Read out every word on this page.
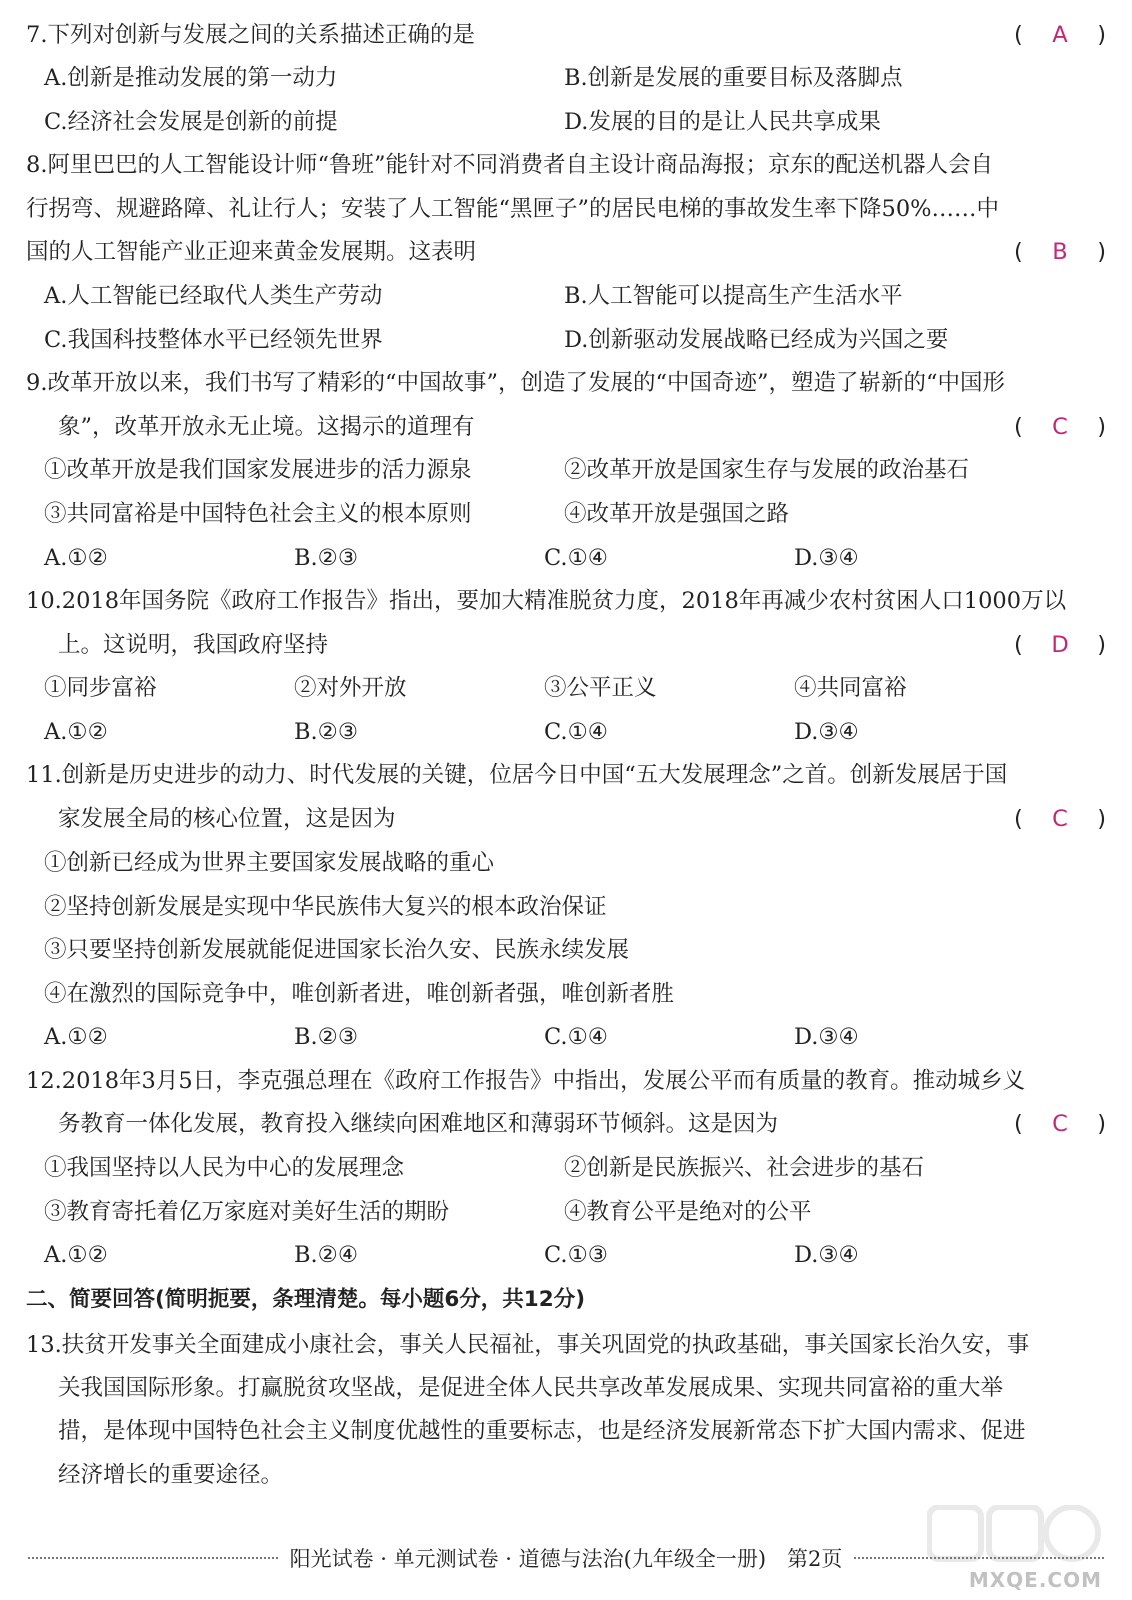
7.下列对创新与发展之间的关系描述正确的是	( A )
A.创新是推动发展的第一动力	B.创新是发展的重要目标及落脚点
C.经济社会发展是创新的前提	D.发展的目的是让人民共享成果
8.阿里巴巴的人工智能设计师“鲁班”能针对不同消费者自主设计商品海报；京东的配送机器人会自
行拐弯、规避路障、礼让行人；安装了人工智能“黑匣子”的居民电梯的事故发生率下降50%……中
国的人工智能产业正迎来黄金发展期。这表明	( B )
A.人工智能已经取代人类生产劳动	B.人工智能可以提高生产生活水平
C.我国科技整体水平已经领先世界	D.创新驱动发展战略已经成为兴国之要
9.改革开放以来，我们书写了精彩的“中国故事”，创造了发展的“中国奇迹”，塑造了崭新的“中国形
象”，改革开放永无止境。这揭示的道理有	( C )
①改革开放是我们国家发展进步的活力源泉	②改革开放是国家生存与发展的政治基石
③共同富裕是中国特色社会主义的根本原则	④改革开放是强国之路
A.①②	B.②③	C.①④	D.③④
10.2018年国务院《政府工作报告》指出，要加大精准脱贫力度，2018年再减少农村贫困人口1000万以
上。这说明，我国政府坚持	( D )
①同步富裕	②对外开放	③公平正义	④共同富裕
A.①②	B.②③	C.①④	D.③④
11.创新是历史进步的动力、时代发展的关键，位居今日中国“五大发展理念”之首。创新发展居于国
家发展全局的核心位置，这是因为	( C )
①创新已经成为世界主要国家发展战略的重心
②坚持创新发展是实现中华民族伟大复兴的根本政治保证
③只要坚持创新发展就能促进国家长治久安、民族永续发展
④在激烈的国际竞争中，唯创新者进，唯创新者强，唯创新者胜
A.①②	B.②③	C.①④	D.③④
12.2018年3月5日，李克强总理在《政府工作报告》中指出，发展公平而有质量的教育。推动城乡义
务教育一体化发展，教育投入继续向困难地区和薄弱环节倾斜。这是因为	( C )
①我国坚持以人民为中心的发展理念	②创新是民族振兴、社会进步的基石
③教育寄托着亿万家庭对美好生活的期盼	④教育公平是绝对的公平
A.①②	B.②④	C.①③	D.③④
二、简要回答(简明扼要，条理清楚。每小题6分，共12分)
13.扶贫开发事关全面建成小康社会，事关人民福祉，事关巩固党的执政基础，事关国家长治久安，事
关我国国际形象。打赢脱贫攻坚战，是促进全体人民共享改革发展成果、实现共同富裕的重大举
措，是体现中国特色社会主义制度优越性的重要标志，也是经济发展新常态下扩大国内需求、促进
经济增长的重要途径。
MXQE.COM
阳光试卷 · 单元测试卷 · 道德与法治(九年级全一册)　第2页
